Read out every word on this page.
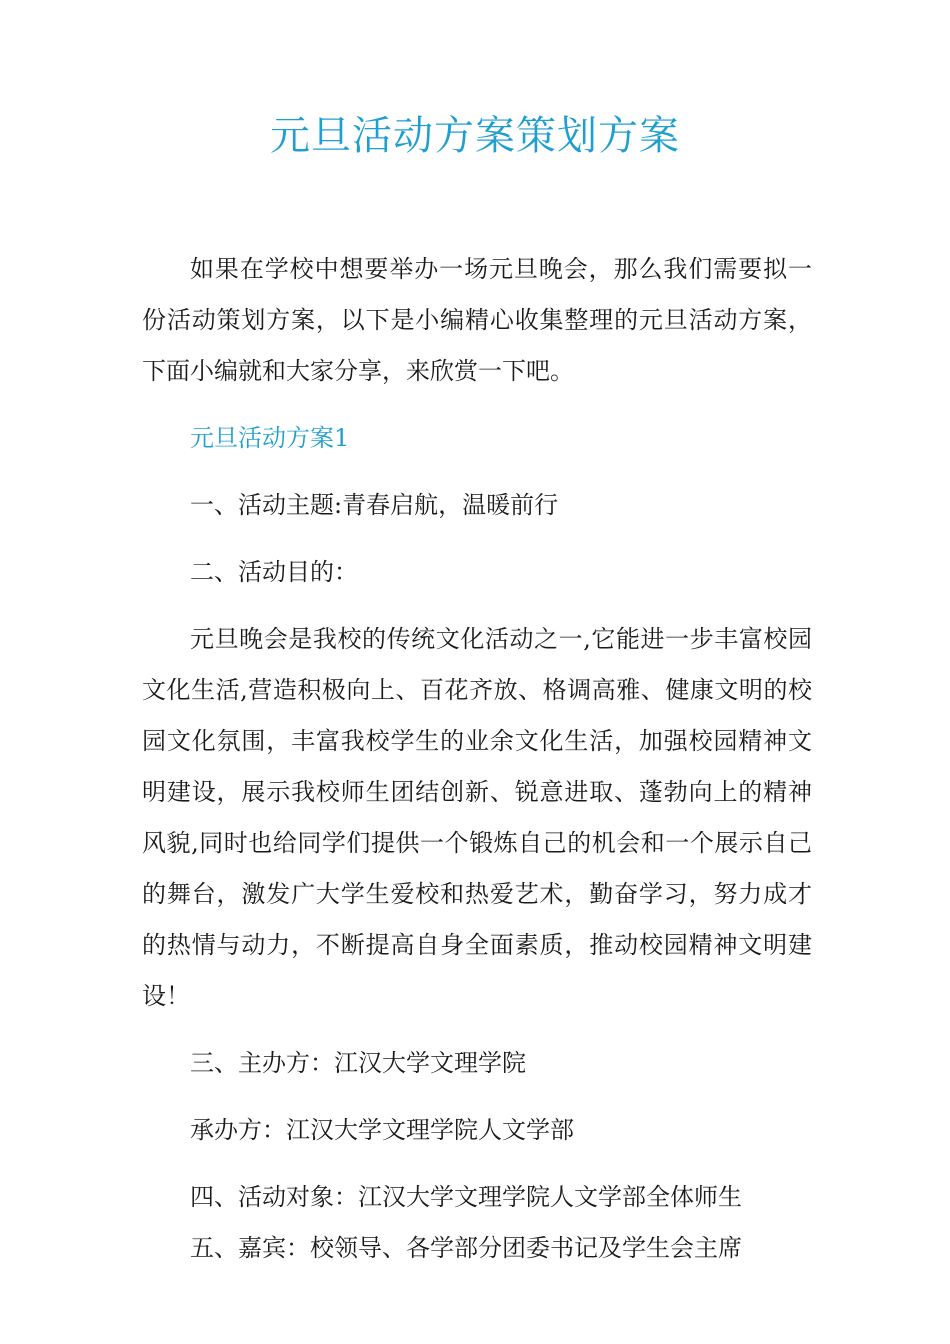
元旦活动方案策划方案

如果在学校中想要举办一场元旦晚会，那么我们需要拟一份活动策划方案，以下是小编精心收集整理的元旦活动方案，下面小编就和大家分享，来欣赏一下吧。

元旦活动方案1

一、活动主题:青春启航，温暖前行

二、活动目的：

元旦晚会是我校的传统文化活动之一,它能进一步丰富校园文化生活,营造积极向上、百花齐放、格调高雅、健康文明的校园文化氛围，丰富我校学生的业余文化生活，加强校园精神文明建设，展示我校师生团结创新、锐意进取、蓬勃向上的精神风貌,同时也给同学们提供一个锻炼自己的机会和一个展示自己的舞台，激发广大学生爱校和热爱艺术，勤奋学习，努力成才的热情与动力，不断提高自身全面素质，推动校园精神文明建设！

三、主办方：江汉大学文理学院

承办方：江汉大学文理学院人文学部

四、活动对象：江汉大学文理学院人文学部全体师生

五、嘉宾：校领导、各学部分团委书记及学生会主席
